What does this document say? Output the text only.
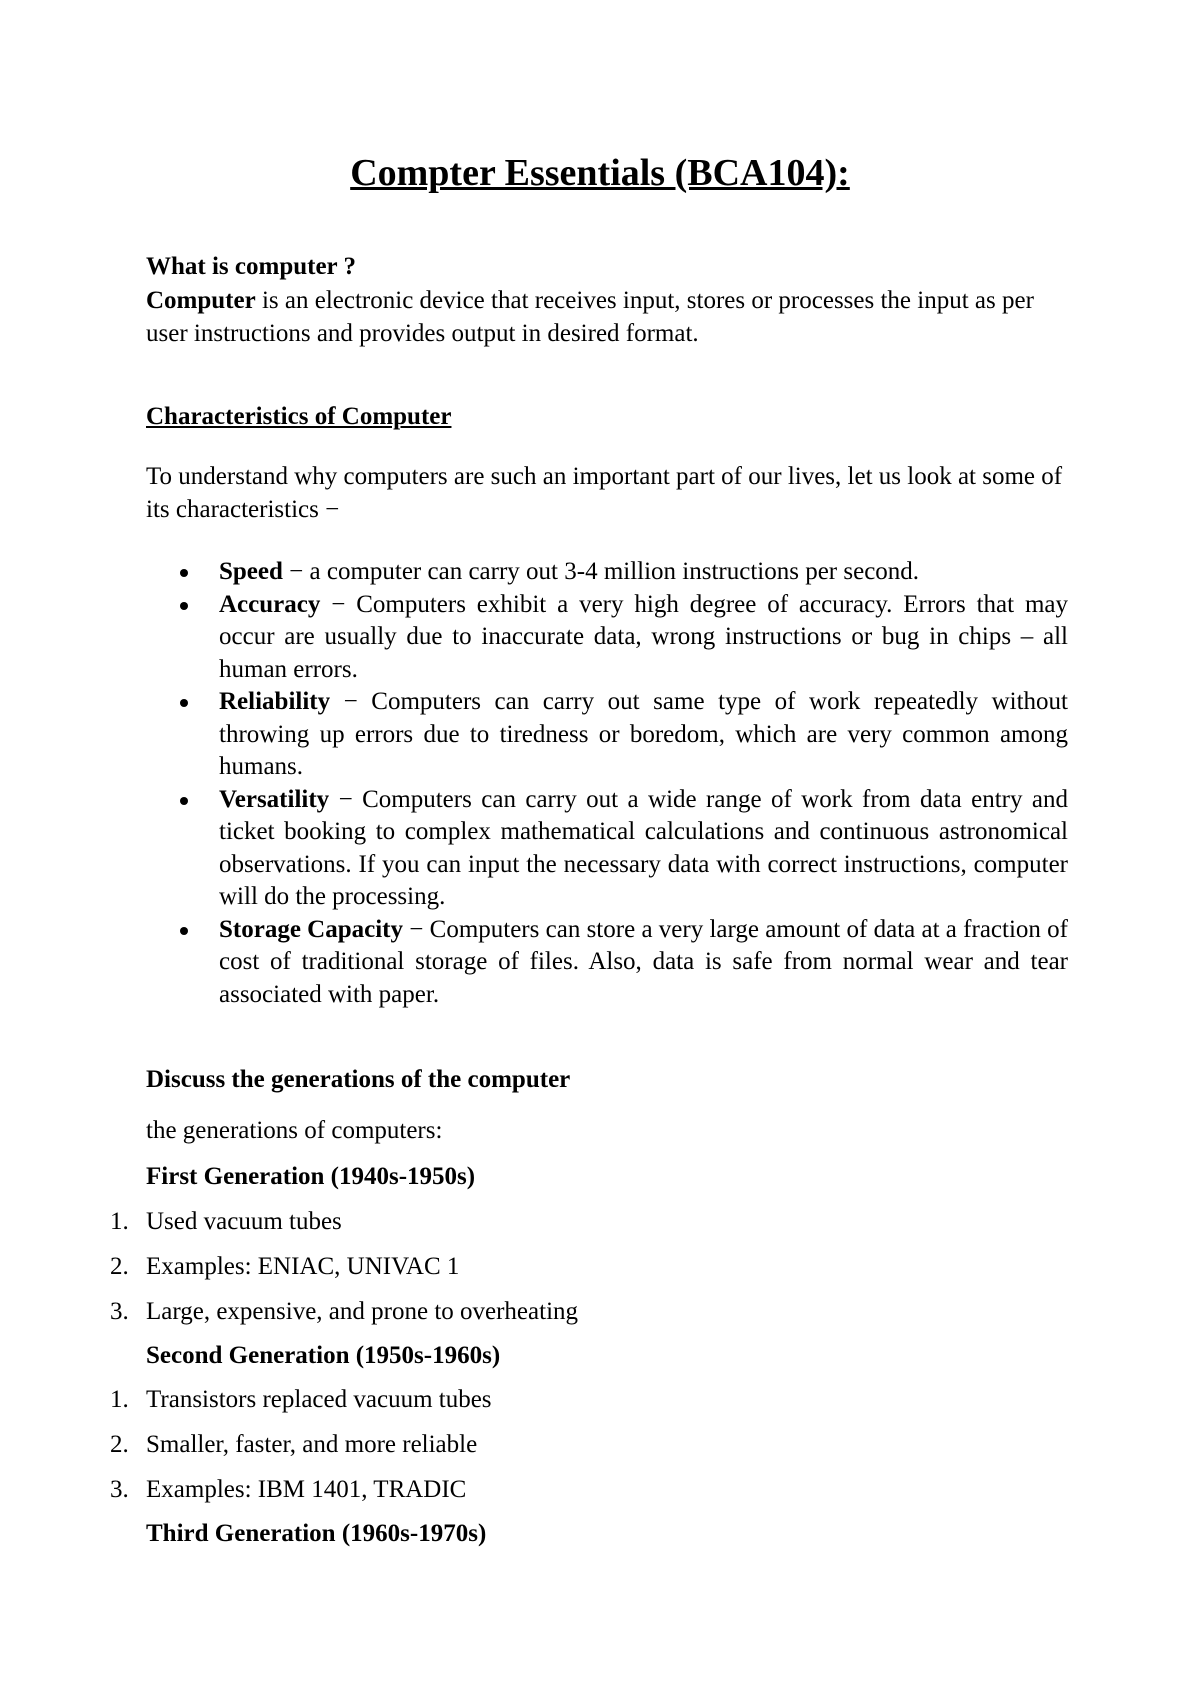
Compter Essentials (BCA104):

What is computer ?

Computer is an electronic device that receives input, stores or processes the input as per user instructions and provides output in desired format.

Characteristics of Computer

To understand why computers are such an important part of our lives, let us look at some of its characteristics −

Speed − a computer can carry out 3-4 million instructions per second.
Accuracy − Computers exhibit a very high degree of accuracy. Errors that may occur are usually due to inaccurate data, wrong instructions or bug in chips – all human errors.
Reliability − Computers can carry out same type of work repeatedly without throwing up errors due to tiredness or boredom, which are very common among humans.
Versatility − Computers can carry out a wide range of work from data entry and ticket booking to complex mathematical calculations and continuous astronomical observations. If you can input the necessary data with correct instructions, computer will do the processing.
Storage Capacity − Computers can store a very large amount of data at a fraction of cost of traditional storage of files. Also, data is safe from normal wear and tear associated with paper.

Discuss the generations of the computer

the generations of computers:

First Generation (1940s-1950s)

1. Used vacuum tubes
2. Examples: ENIAC, UNIVAC 1
3. Large, expensive, and prone to overheating

Second Generation (1950s-1960s)

1. Transistors replaced vacuum tubes
2. Smaller, faster, and more reliable
3. Examples: IBM 1401, TRADIC

Third Generation (1960s-1970s)
